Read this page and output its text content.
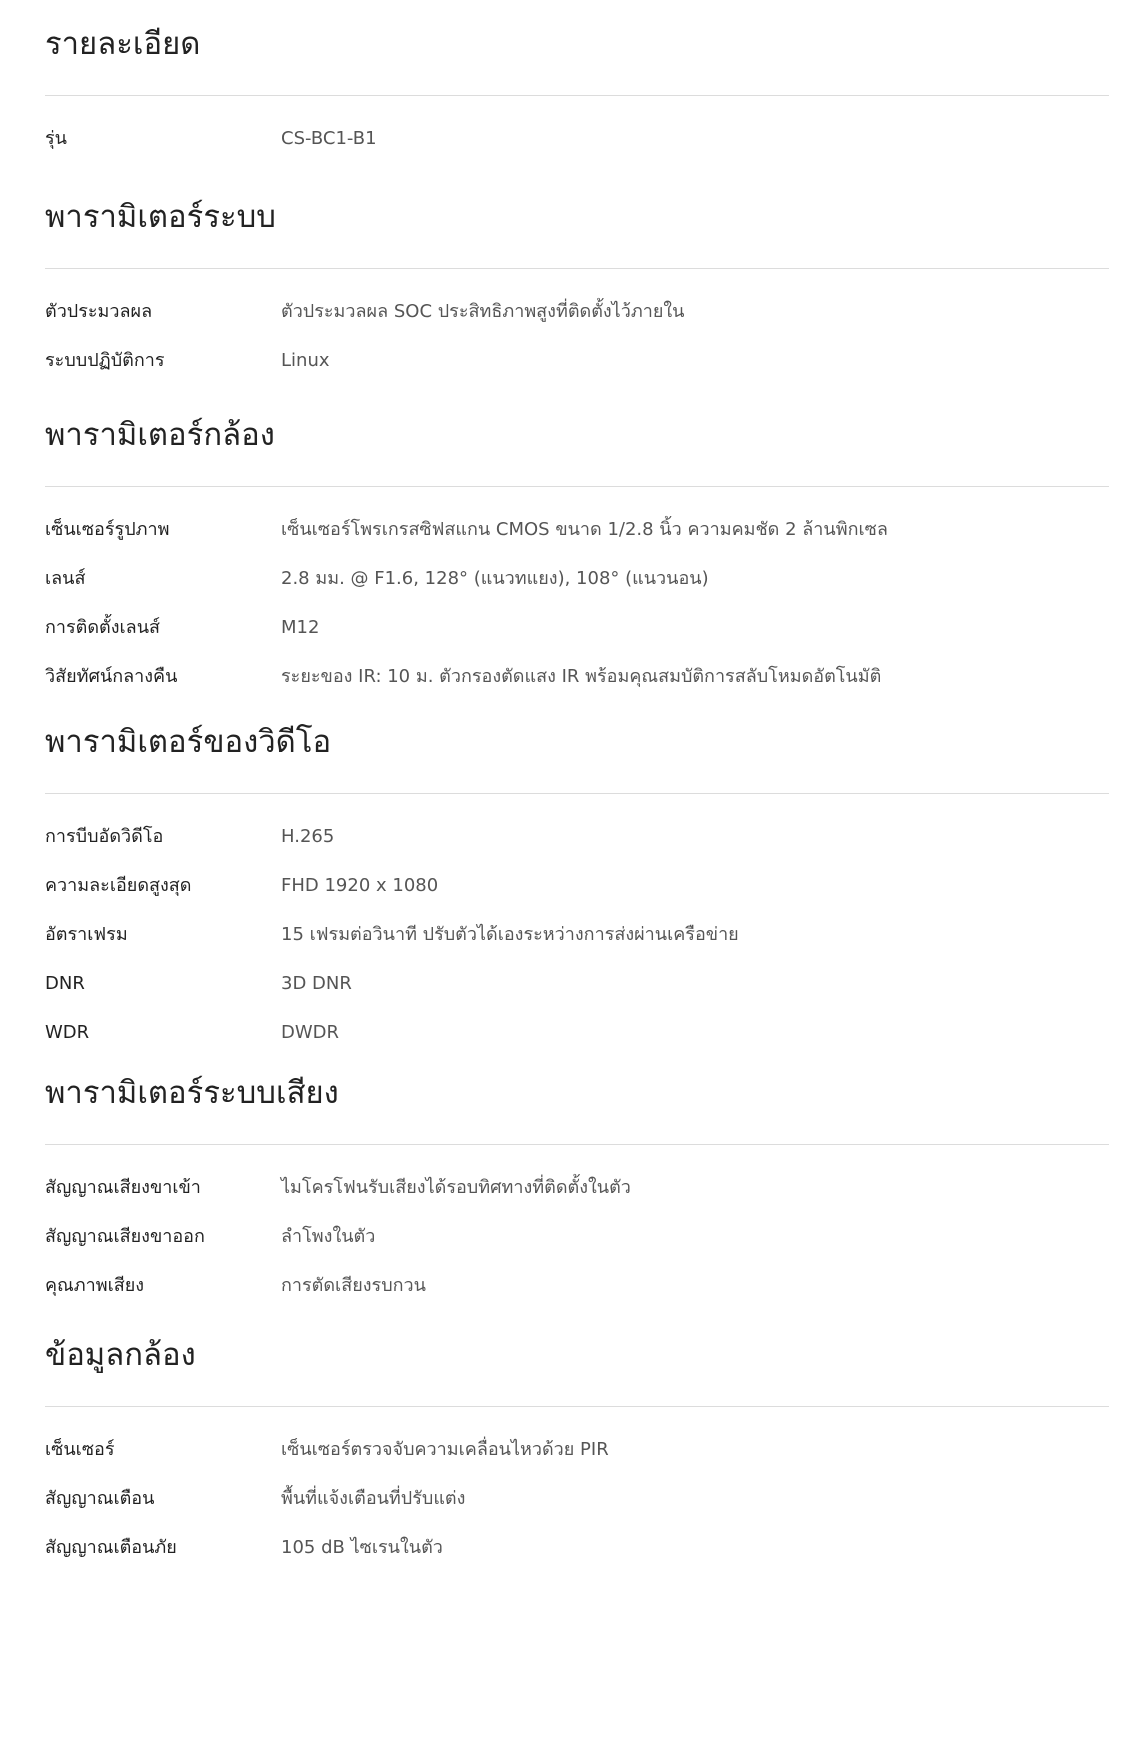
รายละเอียด
รุ่น	CS-BC1-B1
พารามิเตอร์ระบบ
ตัวประมวลผล	ตัวประมวลผล SOC ประสิทธิภาพสูงที่ติดตั้งไว้ภายใน
ระบบปฏิบัติการ	Linux
พารามิเตอร์กล้อง
เซ็นเซอร์รูปภาพ	เซ็นเซอร์โพรเกรสซิฟสแกน CMOS ขนาด 1/2.8 นิ้ว ความคมชัด 2 ล้านพิกเซล
เลนส์	2.8 มม. @ F1.6, 128° (แนวทแยง), 108° (แนวนอน)
การติดตั้งเลนส์	M12
วิสัยทัศน์กลางคืน	ระยะของ IR: 10 ม. ตัวกรองตัดแสง IR พร้อมคุณสมบัติการสลับโหมดอัตโนมัติ
พารามิเตอร์ของวิดีโอ
การบีบอัดวิดีโอ	H.265
ความละเอียดสูงสุด	FHD 1920 x 1080
อัตราเฟรม	15 เฟรมต่อวินาที ปรับตัวได้เองระหว่างการส่งผ่านเครือข่าย
DNR	3D DNR
WDR	DWDR
พารามิเตอร์ระบบเสียง
สัญญาณเสียงขาเข้า	ไมโครโฟนรับเสียงได้รอบทิศทางที่ติดตั้งในตัว
สัญญาณเสียงขาออก	ลำโพงในตัว
คุณภาพเสียง	การตัดเสียงรบกวน
ข้อมูลกล้อง
เซ็นเซอร์	เซ็นเซอร์ตรวจจับความเคลื่อนไหวด้วย PIR
สัญญาณเตือน	พื้นที่แจ้งเตือนที่ปรับแต่ง
สัญญาณเตือนภัย	105 dB ไซเรนในตัว
